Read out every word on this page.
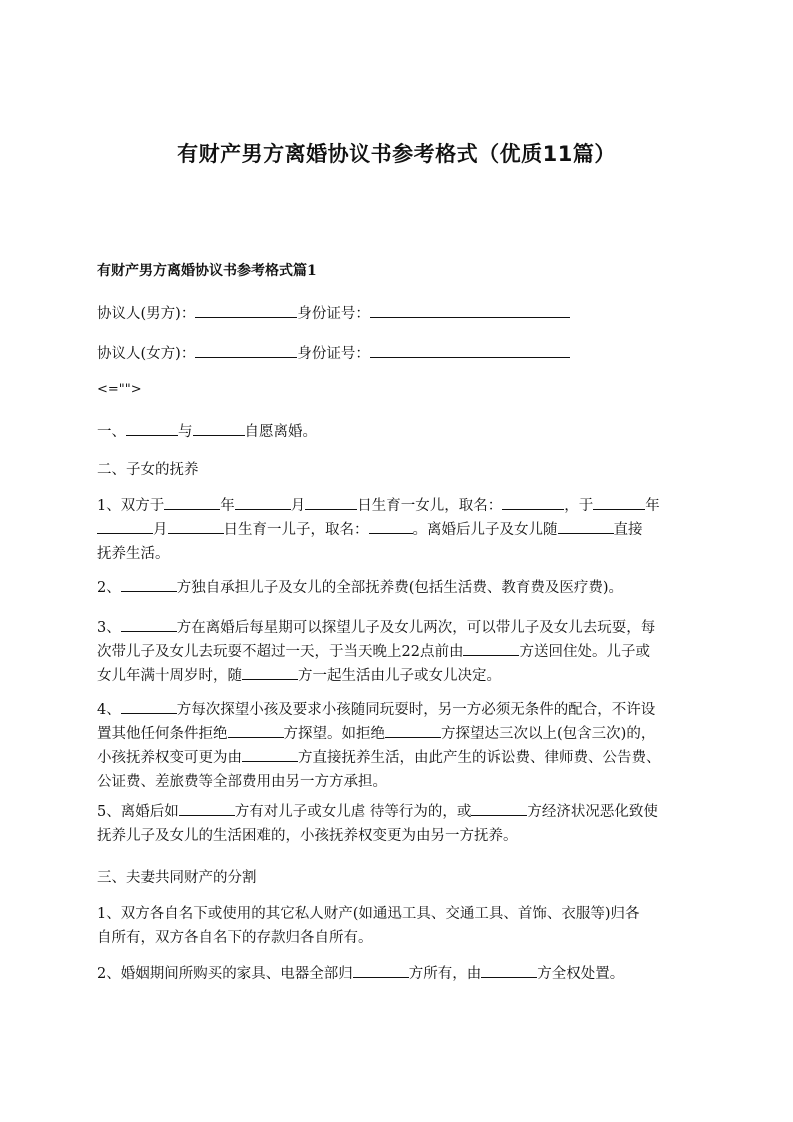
有财产男方离婚协议书参考格式（优质11篇）
有财产男方离婚协议书参考格式篇1
协议人(男方)：	身份证号：
协议人(女方)：	身份证号：
<="">
一、	与	自愿离婚。
二、子女的抚养
1、双方于	年	月	日生育一女儿，取名：	，于	年
月	日生育一儿子，取名：	。离婚后儿子及女儿随	直接
抚养生活。
2、	方独自承担儿子及女儿的全部抚养费(包括生活费、教育费及医疗费)。
3、	方在离婚后每星期可以探望儿子及女儿两次，可以带儿子及女儿去玩耍，每
次带儿子及女儿去玩耍不超过一天，于当天晚上22点前由	方送回住处。儿子或
女儿年满十周岁时，随	方一起生活由儿子或女儿决定。
4、	方每次探望小孩及要求小孩随同玩耍时，另一方必须无条件的配合，不许设
置其他任何条件拒绝	方探望。如拒绝	方探望达三次以上(包含三次)的，
小孩抚养权变可更为由	方直接抚养生活，由此产生的诉讼费、律师费、公告费、
公证费、差旅费等全部费用由另一方方承担。
5、离婚后如	方有对儿子或女儿虐 待等行为的，或	方经济状况恶化致使
抚养儿子及女儿的生活困难的，小孩抚养权变更为由另一方抚养。
三、夫妻共同财产的分割
1、双方各自名下或使用的其它私人财产(如通迅工具、交通工具、首饰、衣服等)归各
自所有，双方各自名下的存款归各自所有。
2、婚姻期间所购买的家具、电器全部归	方所有，由	方全权处置。
